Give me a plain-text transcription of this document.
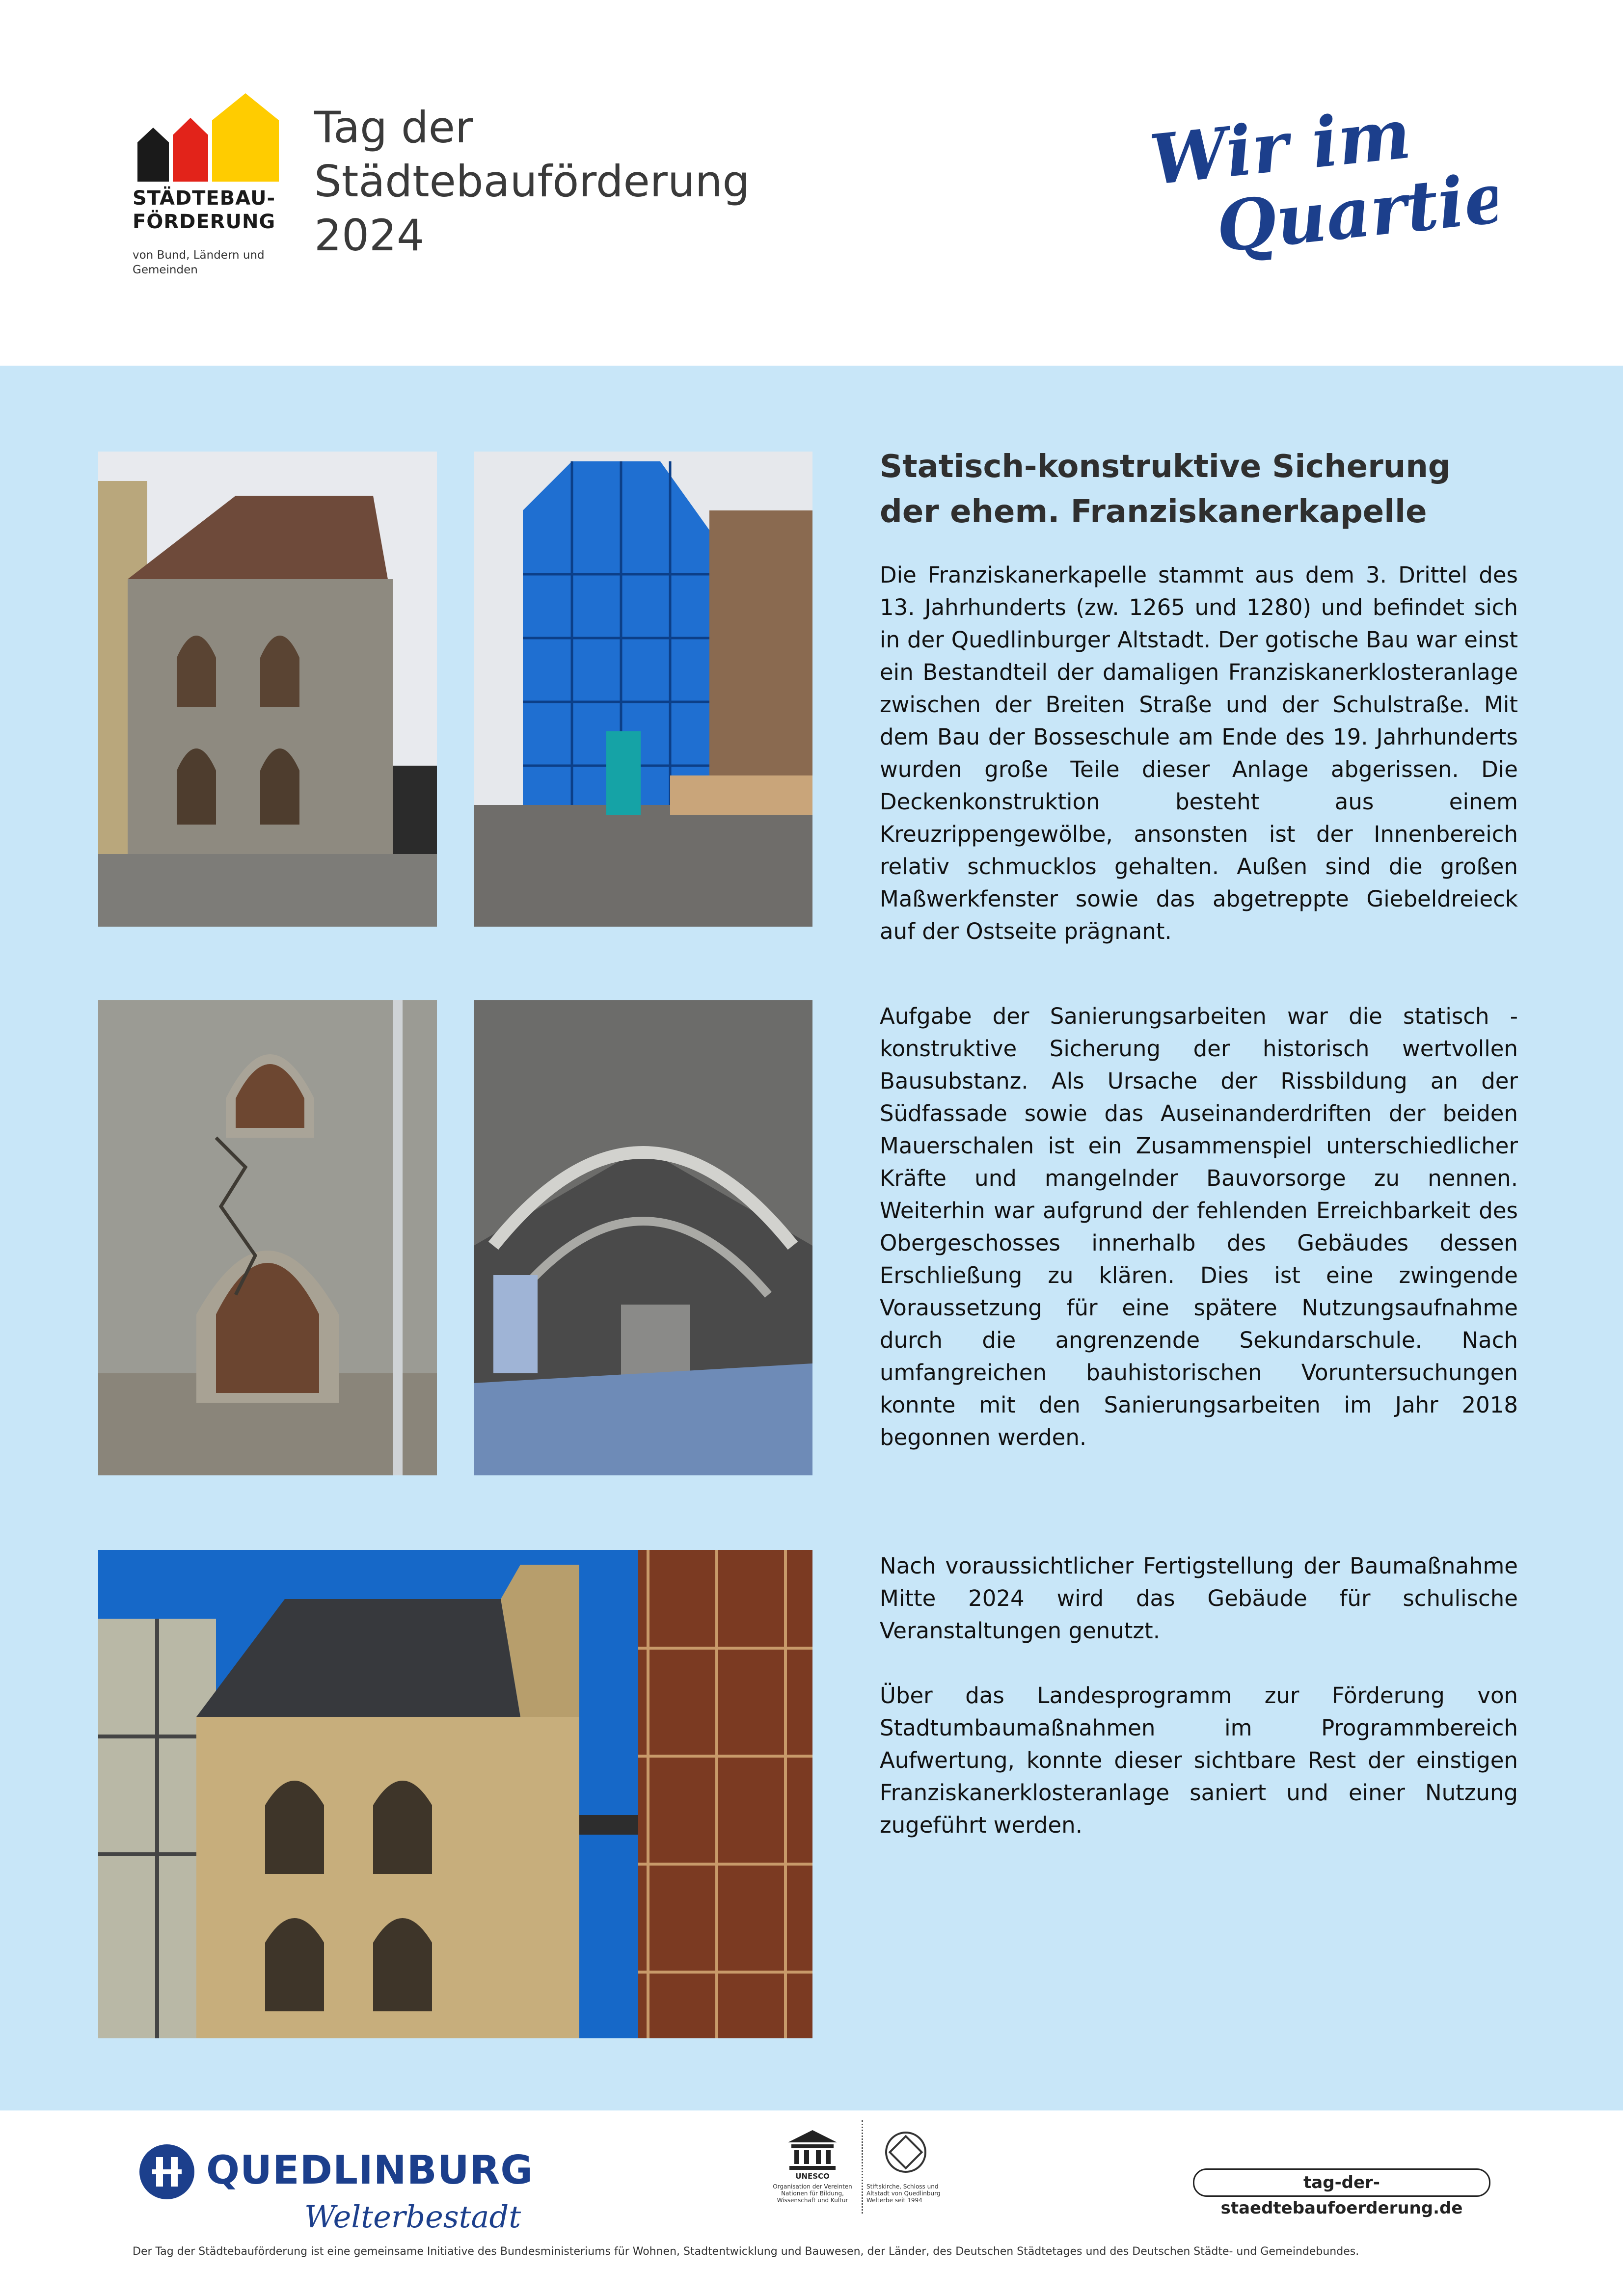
STÄDTEBAU-
FÖRDERUNG
von Bund, Ländern und
Gemeinden
Tag der
Städtebauförderung
2024
Wir im
Quartier
Statisch-konstruktive Sicherung der ehem. Franziskanerkapelle

Die Franziskanerkapelle stammt aus dem 3. Drittel des 13. Jahrhunderts (zw. 1265 und 1280) und befindet sich in der Quedlinburger Altstadt. Der gotische Bau war einst ein Bestandteil der damaligen Franziskanerklosteranlage zwischen der Breiten Straße und der Schulstraße. Mit dem Bau der Bosseschule am Ende des 19. Jahrhunderts wurden große Teile dieser Anlage abgerissen. Die Deckenkonstruktion besteht aus einem Kreuzrippengewölbe, ansonsten ist der Innenbereich relativ schmucklos gehalten. Außen sind die großen Maßwerkfenster sowie das abgetreppte Giebeldreieck auf der Ostseite prägnant.

Aufgabe der Sanierungsarbeiten war die statisch - konstruktive Sicherung der historisch wertvollen Bausubstanz. Als Ursache der Rissbildung an der Südfassade sowie das Auseinanderdriften der beiden Mauerschalen ist ein Zusammenspiel unterschiedlicher Kräfte und mangelnder Bauvorsorge zu nennen. Weiterhin war aufgrund der fehlenden Erreichbarkeit des Obergeschosses innerhalb des Gebäudes dessen Erschließung zu klären. Dies ist eine zwingende Voraussetzung für eine spätere Nutzungsaufnahme durch die angrenzende Sekundarschule. Nach umfangreichen bauhistorischen Voruntersuchungen konnte mit den Sanierungsarbeiten im Jahr 2018 begonnen werden.

Nach voraussichtlicher Fertigstellung der Baumaßnahme Mitte 2024 wird das Gebäude für schulische Veranstaltungen genutzt.

Über das Landesprogramm zur Förderung von Stadtumbaumaßnahmen im Programmbereich Aufwertung, konnte dieser sichtbare Rest der einstigen Franziskanerklosteranlage saniert und einer Nutzung zugeführt werden.

QUEDLINBURG
Welterbestadt
UNESCO
Organisation der Vereinten Nationen für Bildung, Wissenschaft und Kultur
Stiftskirche, Schloss und Altstadt von Quedlinburg Welterbe seit 1994
tag-der-staedtebaufoerderung.de
Der Tag der Städtebauförderung ist eine gemeinsame Initiative des Bundesministeriums für Wohnen, Stadtentwicklung und Bauwesen, der Länder, des Deutschen Städtetages und des Deutschen Städte- und Gemeindebundes.
